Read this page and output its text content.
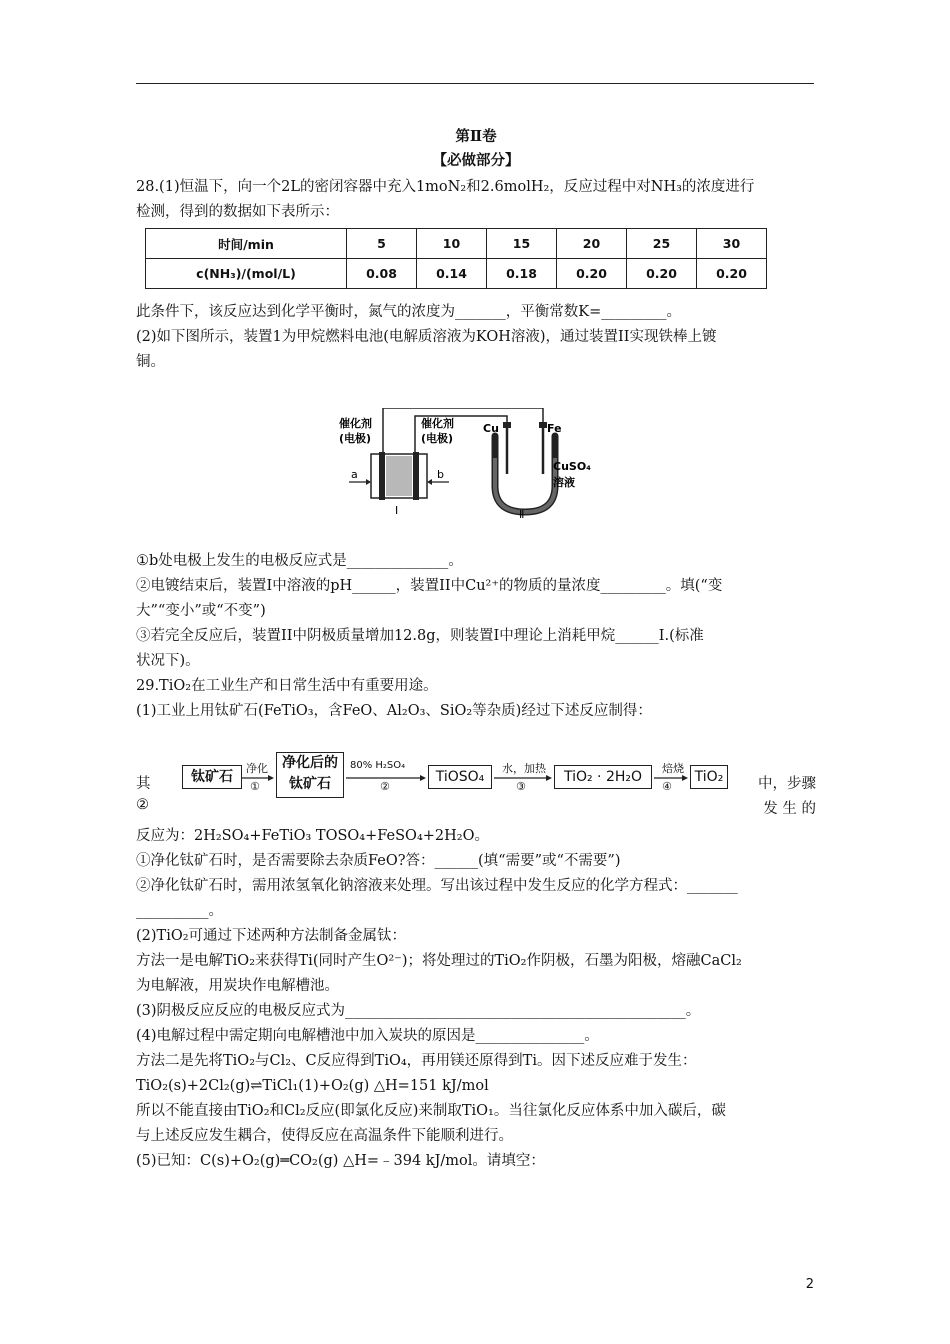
第Ⅱ卷
【必做部分】
28.(1)恒温下，向一个2L的密闭容器中充入1moN₂和2.6molH₂，反应过程中对NH₃的浓度进行
检测，得到的数据如下表所示：
时间/min	5	10	15	20	25	30
c(NH₃)/(mol/L)	0.08	0.14	0.18	0.20	0.20	0.20
此条件下，该反应达到化学平衡时，氮气的浓度为_______，平衡常数K=_________。
(2)如下图所示，装置1为甲烷燃料电池(电解质溶液为KOH溶液)，通过装置II实现铁棒上镀
铜。
催化剂
(电极)
催化剂
(电极)
a	b
Cu	Fe
CuSO₄
溶液
Ⅰ	Ⅱ
①b处电极上发生的电极反应式是______________。
②电镀结束后，装置I中溶液的pH______，装置II中Cu²⁺的物质的量浓度_________。填(“变
大”“变小”或“不变”)
③若完全反应后，装置II中阴极质量增加12.8g，则装置I中理论上消耗甲烷______I.(标准
状况下)。
29.TiO₂在工业生产和日常生活中有重要用途。
(1)工业上用钛矿石(FeTiO₃，含FeO、Al₂O₃、SiO₂等杂质)经过下述反应制得：
其
②
中，步骤
发 生 的
钛矿石
净化
①
净化后的
钛矿石
80% H₂SO₄
②
TiOSO₄
水，加热
③
TiO₂ · 2H₂O
焙烧
④
TiO₂
反应为：2H₂SO₄+FeTiO₃ TOSO₄+FeSO₄+2H₂O。
①净化钛矿石时，是否需要除去杂质FeO?答：______(填“需要”或“不需要”)
②净化钛矿石时，需用浓氢氧化钠溶液来处理。写出该过程中发生反应的化学方程式：_______
__________。
(2)TiO₂可通过下述两种方法制备金属钛：
方法一是电解TiO₂来获得Ti(同时产生O²⁻)；将处理过的TiO₂作阴极，石墨为阳极，熔融CaCl₂
为电解液，用炭块作电解槽池。
(3)阴极反应反应的电极反应式为_______________________________________________。
(4)电解过程中需定期向电解槽池中加入炭块的原因是_______________。
方法二是先将TiO₂与Cl₂、C反应得到TiO₄，再用镁还原得到Ti。因下述反应难于发生：
TiO₂(s)+2Cl₂(g)⇌TiCl₁(1)+O₂(g) △H=151 kJ/mol
所以不能直接由TiO₂和Cl₂反应(即氯化反应)来制取TiO₁。当往氯化反应体系中加入碳后，碳
与上述反应发生耦合，使得反应在高温条件下能顺利进行。
(5)已知：C(s)+O₂(g)═CO₂(g) △H=﹣394 kJ/mol。请填空：
2
